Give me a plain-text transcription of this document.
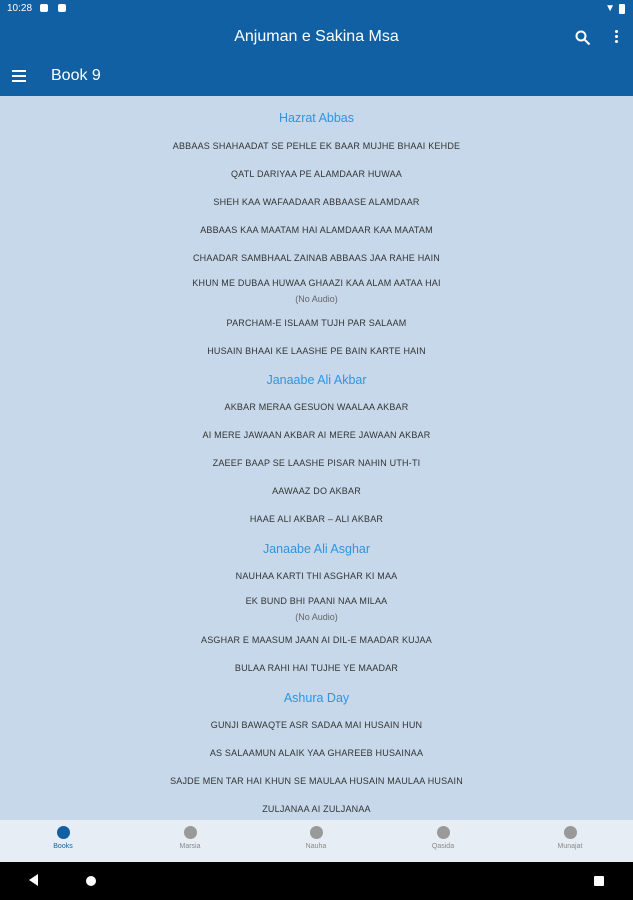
10:28	▼
Anjuman e Sakina Msa
Book 9
Hazrat Abbas
ABBAAS SHAHAADAT SE PEHLE EK BAAR MUJHE BHAAI KEHDE
QATL DARIYAA PE ALAMDAAR HUWAA
SHEH KAA WAFAADAAR ABBAASE ALAMDAAR
ABBAAS KAA MAATAM HAI ALAMDAAR KAA MAATAM
CHAADAR SAMBHAAL ZAINAB ABBAAS JAA RAHE HAIN
KHUN ME DUBAA HUWAA GHAAZI KAA ALAM AATAA HAI
(No Audio)
PARCHAM-E ISLAAM TUJH PAR SALAAM
HUSAIN BHAAI KE LAASHE PE BAIN KARTE HAIN
Janaabe Ali Akbar
AKBAR MERAA GESUON WAALAA AKBAR
AI MERE JAWAAN AKBAR AI MERE JAWAAN AKBAR
ZAEEF BAAP SE LAASHE PISAR NAHIN UTH-TI
AAWAAZ DO AKBAR
HAAE ALI AKBAR – ALI AKBAR
Janaabe Ali Asghar
NAUHAA KARTI THI ASGHAR KI MAA
EK BUND BHI PAANI NAA MILAA
(No Audio)
ASGHAR E MAASUM JAAN AI DIL-E MAADAR KUJAA
BULAA RAHI HAI TUJHE YE MAADAR
Ashura Day
GUNJI BAWAQTE ASR SADAA MAI HUSAIN HUN
AS SALAAMUN ALAIK YAA GHAREEB HUSAINAA
SAJDE MEN TAR HAI KHUN SE MAULAA HUSAIN MAULAA HUSAIN
ZULJANAA AI ZULJANAA
Books	Marsia	Nauha	Qasida	Munajat
